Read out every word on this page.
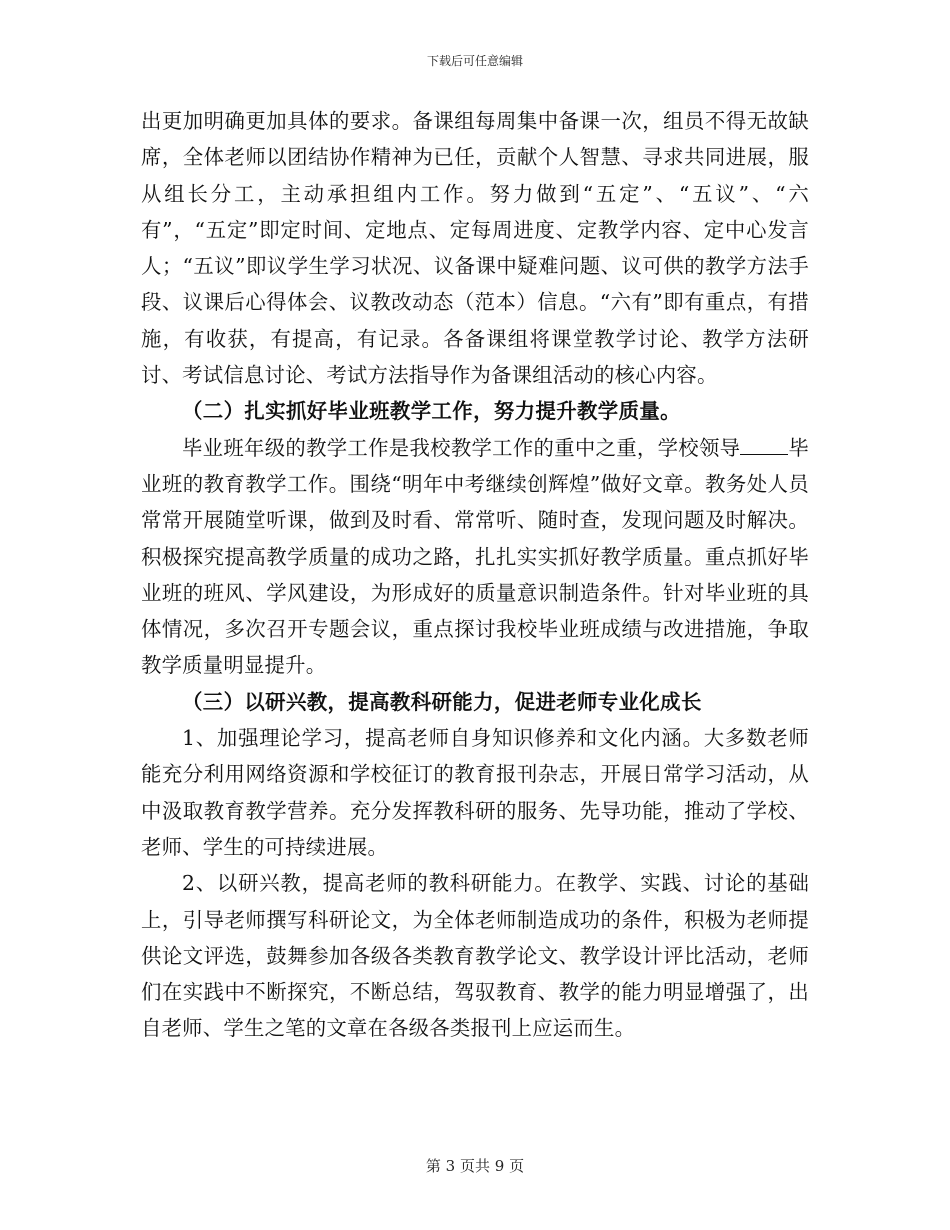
下载后可任意编辑

出更加明确更加具体的要求。备课组每周集中备课一次，组员不得无故缺席，全体老师以团结协作精神为已任，贡献个人智慧、寻求共同进展，服从组长分工，主动承担组内工作。努力做到“五定”、“五议”、“六有”，“五定”即定时间、定地点、定每周进度、定教学内容、定中心发言人；“五议”即议学生学习状况、议备课中疑难问题、议可供的教学方法手段、议课后心得体会、议教改动态（范本）信息。“六有”即有重点，有措施，有收获，有提高，有记录。各备课组将课堂教学讨论、教学方法研讨、考试信息讨论、考试方法指导作为备课组活动的核心内容。

（二）扎实抓好毕业班教学工作，努力提升教学质量。

毕业班年级的教学工作是我校教学工作的重中之重，学校领导 毕业班的教育教学工作。围绕“明年中考继续创辉煌”做好文章。教务处人员常常开展随堂听课，做到及时看、常常听、随时查，发现问题及时解决。积极探究提高教学质量的成功之路，扎扎实实抓好教学质量。重点抓好毕业班的班风、学风建设，为形成好的质量意识制造条件。针对毕业班的具体情况，多次召开专题会议，重点探讨我校毕业班成绩与改进措施，争取教学质量明显提升。

（三）以研兴教，提高教科研能力，促进老师专业化成长

1、加强理论学习，提高老师自身知识修养和文化内涵。大多数老师能充分利用网络资源和学校征订的教育报刊杂志，开展日常学习活动，从中汲取教育教学营养。充分发挥教科研的服务、先导功能，推动了学校、老师、学生的可持续进展。

2、以研兴教，提高老师的教科研能力。在教学、实践、讨论的基础上，引导老师撰写科研论文，为全体老师制造成功的条件，积极为老师提供论文评选，鼓舞参加各级各类教育教学论文、教学设计评比活动，老师们在实践中不断探究，不断总结，驾驭教育、教学的能力明显增强了，出自老师、学生之笔的文章在各级各类报刊上应运而生。

第 3 页共 9 页
